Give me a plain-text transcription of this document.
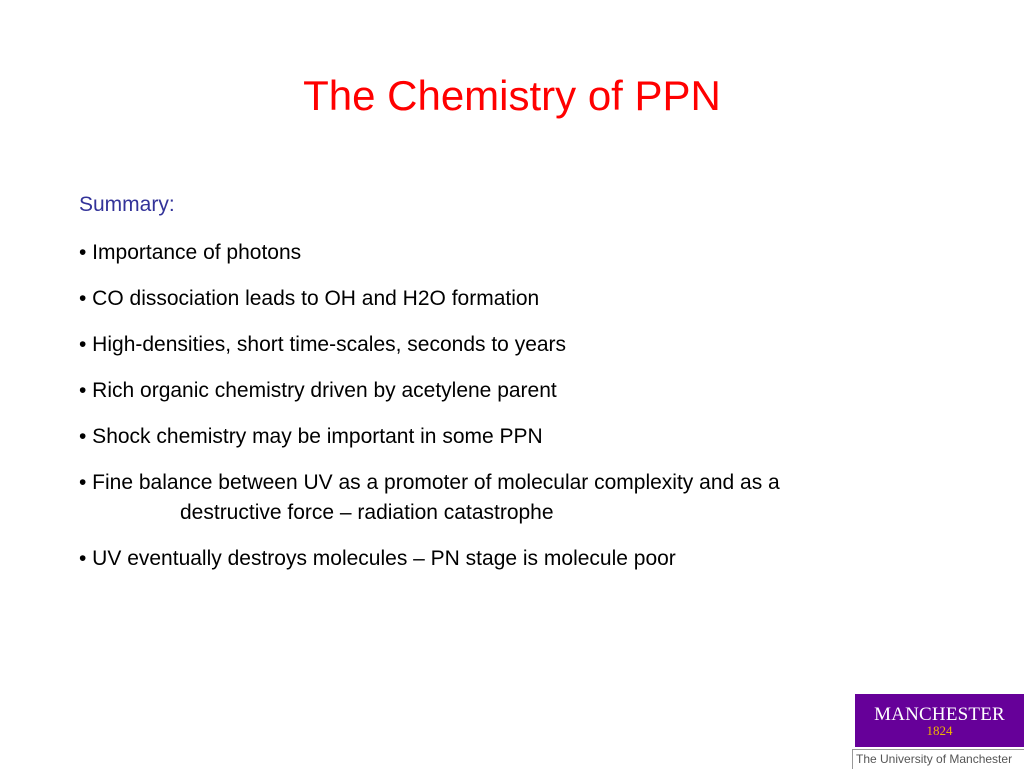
The Chemistry of PPN

Summary:

• Importance of photons
• CO dissociation leads to OH and H2O formation
• High-densities, short time-scales, seconds to years
• Rich organic chemistry driven by acetylene parent
• Shock chemistry may be important in some PPN
• Fine balance between UV as a promoter of molecular complexity and as a
destructive force – radiation catastrophe
• UV eventually destroys molecules – PN stage is molecule poor
MANCHESTER
1824
The University of Manchester
